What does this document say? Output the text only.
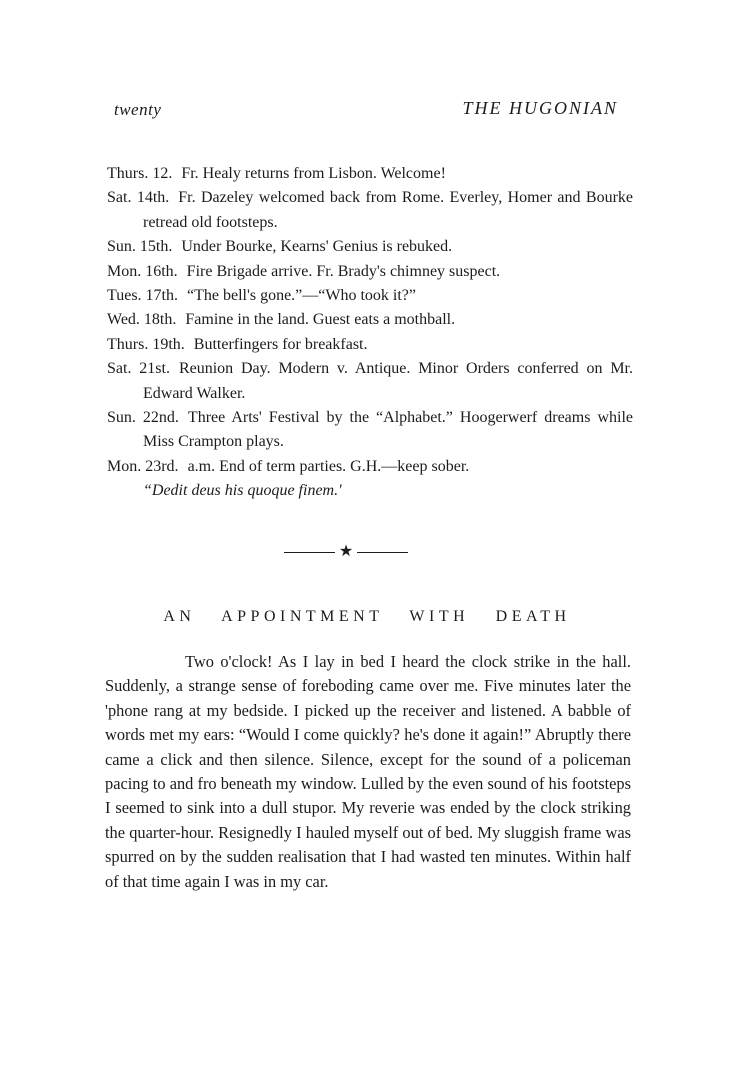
twenty	THE HUGONIAN

Thurs. 12. Fr. Healy returns from Lisbon. Welcome!

Sat. 14th. Fr. Dazeley welcomed back from Rome. Everley, Homer and Bourke retread old footsteps.

Sun. 15th. Under Bourke, Kearns' Genius is rebuked.

Mon. 16th. Fire Brigade arrive. Fr. Brady's chimney suspect.

Tues. 17th. “The bell's gone.”—“Who took it?”

Wed. 18th. Famine in the land. Guest eats a mothball.

Thurs. 19th. Butterfingers for breakfast.

Sat. 21st. Reunion Day. Modern v. Antique. Minor Orders conferred on Mr. Edward Walker.

Sun. 22nd. Three Arts' Festival by the “Alphabet.” Hoogerwerf dreams while Miss Crampton plays.

Mon. 23rd. a.m. End of term parties. G.H.—keep sober.

“Dedit deus his quoque finem.'

★
AN APPOINTMENT WITH DEATH

Two o'clock! As I lay in bed I heard the clock strike in the hall. Suddenly, a strange sense of foreboding came over me. Five minutes later the 'phone rang at my bedside. I picked up the receiver and listened. A babble of words met my ears: “Would I come quickly? he's done it again!” Abruptly there came a click and then silence. Silence, except for the sound of a policeman pacing to and fro beneath my window. Lulled by the even sound of his footsteps I seemed to sink into a dull stupor. My reverie was ended by the clock striking the quarter-hour. Resignedly I hauled myself out of bed. My sluggish frame was spurred on by the sudden realisation that I had wasted ten minutes. Within half of that time again I was in my car.
